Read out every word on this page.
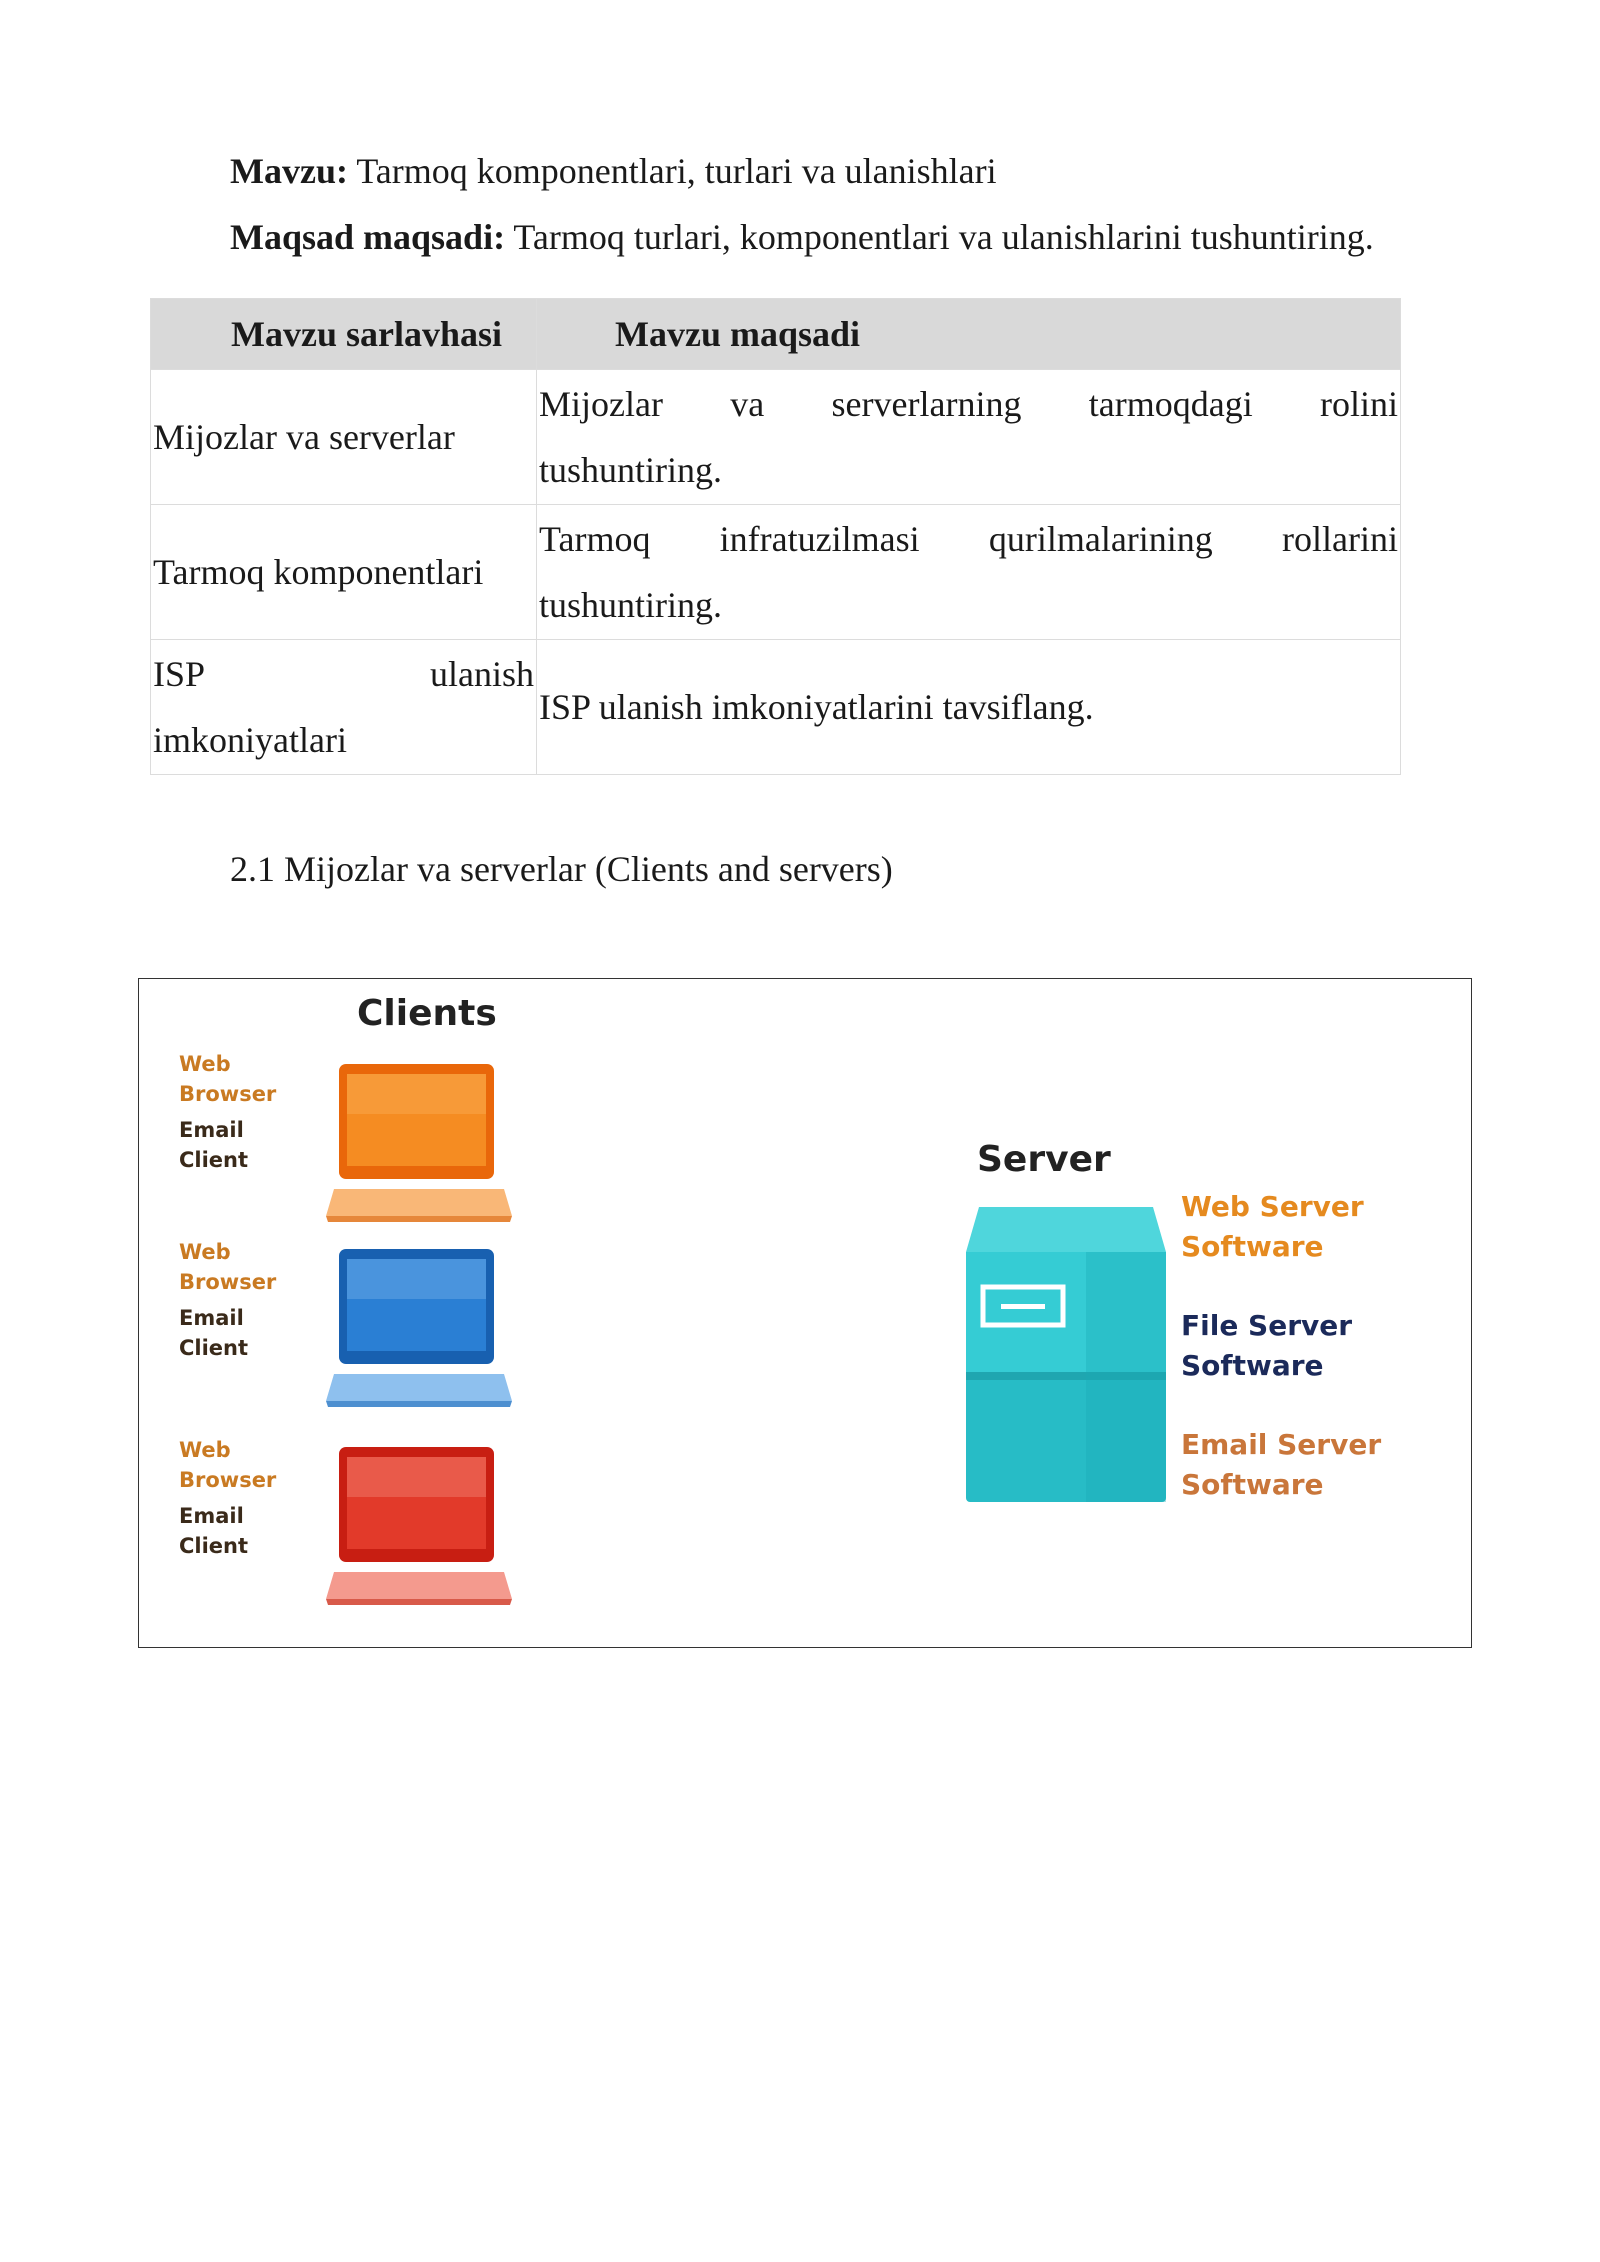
Mavzu: Tarmoq komponentlari, turlari va ulanishlari
Maqsad maqsadi: Tarmoq turlari, komponentlari va ulanishlarini tushuntiring.
Mavzu sarlavhasi	Mavzu maqsadi

Mijozlar va serverlar	Mijozlar va serverlarning tarmoqdagi rolini
tushuntiring.

Tarmoq komponentlari	Tarmoq infratuzilmasi qurilmalarining rollarini
tushuntiring.

ISP ulanish
imkoniyatlari	ISP ulanish imkoniyatlarini tavsiflang.
2.1 Mijozlar va serverlar (Clients and servers)
Clients
Server
Web
Browser
Email
Client
Web
Browser
Email
Client
Web
Browser
Email
Client
Web Server
Software
File Server
Software
Email Server
Software
